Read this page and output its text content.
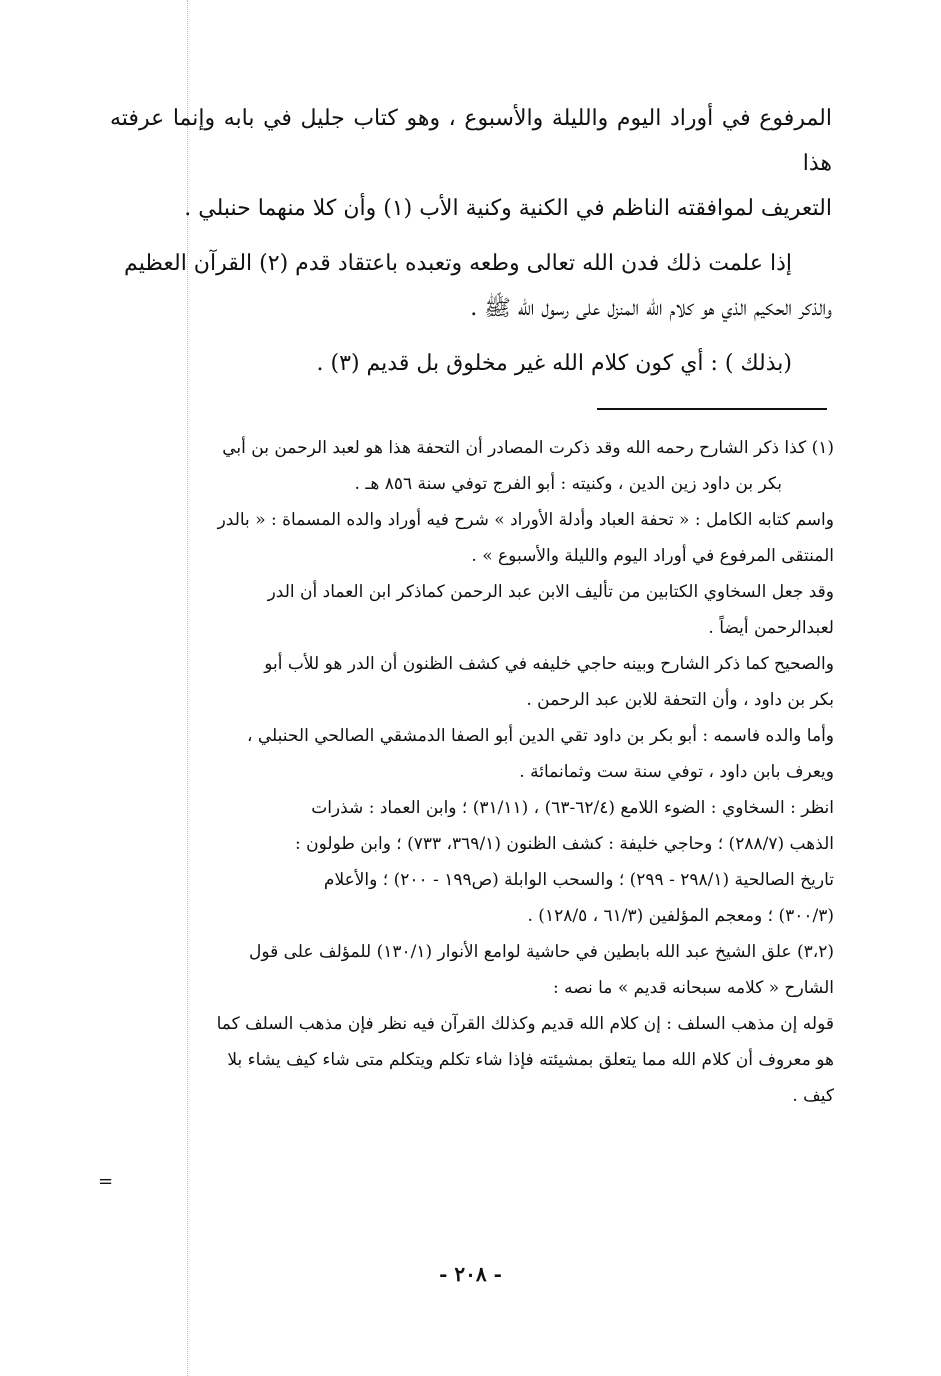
المرفوع في أوراد اليوم والليلة والأسبوع ، وهو كتاب جليل في بابه وإنما عرفته هذا
التعريف لموافقته الناظم في الكنية وكنية الأب (١) وأن كلا منهما حنبلي .

إذا علمت ذلك فدن الله تعالى وطعه وتعبده باعتقاد قدم (٢) القرآن العظيم
والذكر الحكيم الذي هو كلام الله المنزل على رسول الله ﷺ .

(بذلك ) : أي كون كلام الله غير مخلوق بل قديم (٣) .

(١) كذا ذكر الشارح رحمه الله وقد ذكرت المصادر أن التحفة هذا هو لعبد الرحمن بن أبي

بكر بن داود زين الدين ، وكنيته : أبو الفرج توفي سنة ٨٥٦ هـ .

واسم كتابه الكامل : « تحفة العباد وأدلة الأوراد » شرح فيه أوراد والده المسماة : « بالدر

المنتقى المرفوع في أوراد اليوم والليلة والأسبوع » .

وقد جعل السخاوي الكتابين من تأليف الابن عبد الرحمن كماذكر ابن العماد أن الدر

لعبدالرحمن أيضاً .

والصحيح كما ذكر الشارح وبينه حاجي خليفه في كشف الظنون أن الدر هو للأب أبو

بكر بن داود ، وأن التحفة للابن عبد الرحمن .

وأما والده فاسمه : أبو بكر بن داود تقي الدين أبو الصفا الدمشقي الصالحي الحنبلي ،

ويعرف بابن داود ، توفي سنة ست وثمانمائة .

انظر : السخاوي : الضوء اللامع (٦٢/٤-٦٣) ، (٣١/١١) ؛ وابن العماد : شذرات

الذهب (٢٨٨/٧) ؛ وحاجي خليفة : كشف الظنون (٣٦٩/١، ٧٣٣) ؛ وابن طولون :

تاريخ الصالحية (٢٩٨/١ - ٢٩٩) ؛ والسحب الوابلة (ص١٩٩ - ٢٠٠) ؛ والأعلام

(٣٠٠/٣) ؛ ومعجم المؤلفين (٦١/٣ ، ١٢٨/٥) .

(٣،٢) علق الشيخ عبد الله بابطين في حاشية لوامع الأنوار (١٣٠/١) للمؤلف على قول

الشارح « كلامه سبحانه قديم » ما نصه :

قوله إن مذهب السلف : إن كلام الله قديم وكذلك القرآن فيه نظر فإن مذهب السلف كما

هو معروف أن كلام الله مما يتعلق بمشيئته فإذا شاء تكلم ويتكلم متى شاء كيف يشاء بلا

كيف .

=
- ٢٠٨ -
